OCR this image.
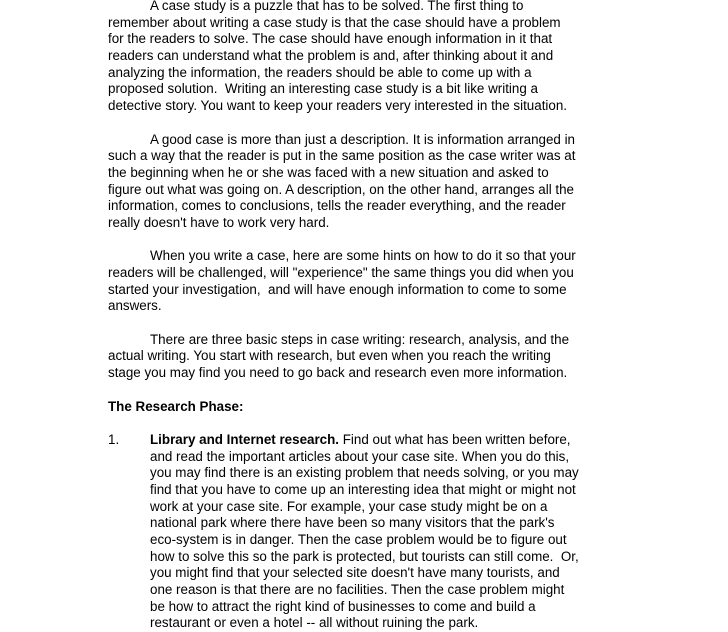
A case study is a puzzle that has to be solved. The first thing to
remember about writing a case study is that the case should have a problem
for the readers to solve. The case should have enough information in it that
readers can understand what the problem is and, after thinking about it and
analyzing the information, the readers should be able to come up with a
proposed solution.  Writing an interesting case study is a bit like writing a
detective story. You want to keep your readers very interested in the situation.
A good case is more than just a description. It is information arranged in
such a way that the reader is put in the same position as the case writer was at
the beginning when he or she was faced with a new situation and asked to
figure out what was going on. A description, on the other hand, arranges all the
information, comes to conclusions, tells the reader everything, and the reader
really doesn't have to work very hard.
When you write a case, here are some hints on how to do it so that your
readers will be challenged, will "experience" the same things you did when you
started your investigation,  and will have enough information to come to some
answers.
There are three basic steps in case writing: research, analysis, and the
actual writing. You start with research, but even when you reach the writing
stage you may find you need to go back and research even more information.
The Research Phase:
1. Library and Internet research. Find out what has been written before,
and read the important articles about your case site. When you do this,
you may find there is an existing problem that needs solving, or you may
find that you have to come up an interesting idea that might or might not
work at your case site. For example, your case study might be on a
national park where there have been so many visitors that the park's
eco-system is in danger. Then the case problem would be to figure out
how to solve this so the park is protected, but tourists can still come.  Or,
you might find that your selected site doesn't have many tourists, and
one reason is that there are no facilities. Then the case problem might
be how to attract the right kind of businesses to come and build a
restaurant or even a hotel -- all without ruining the park.
